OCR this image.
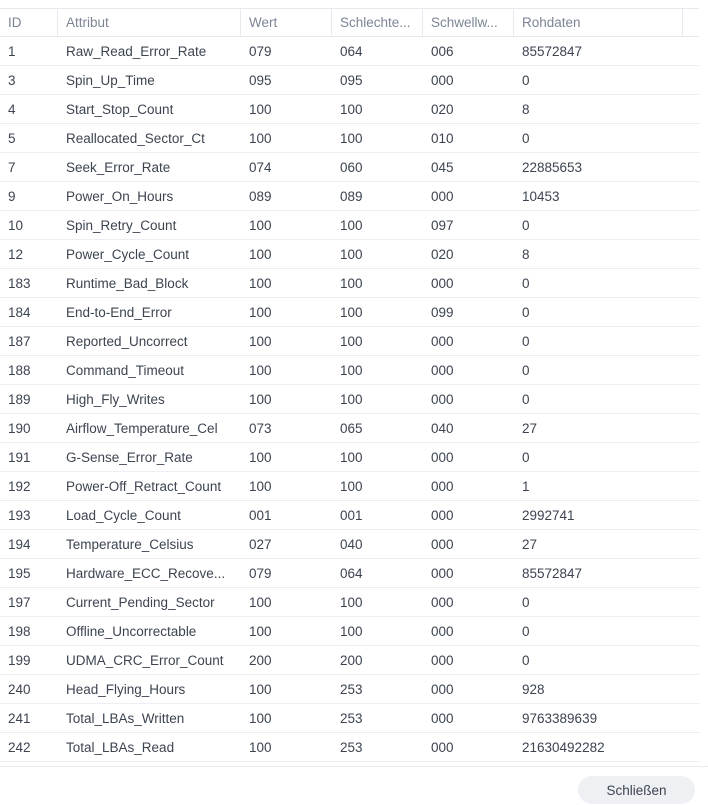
ID	Attribut	Wert	Schlechte...	Schwellw...	Rohdaten
1	Raw_Read_Error_Rate	079	064	006	85572847
3	Spin_Up_Time	095	095	000	0
4	Start_Stop_Count	100	100	020	8
5	Reallocated_Sector_Ct	100	100	010	0
7	Seek_Error_Rate	074	060	045	22885653
9	Power_On_Hours	089	089	000	10453
10	Spin_Retry_Count	100	100	097	0
12	Power_Cycle_Count	100	100	020	8
183	Runtime_Bad_Block	100	100	000	0
184	End-to-End_Error	100	100	099	0
187	Reported_Uncorrect	100	100	000	0
188	Command_Timeout	100	100	000	0
189	High_Fly_Writes	100	100	000	0
190	Airflow_Temperature_Cel	073	065	040	27
191	G-Sense_Error_Rate	100	100	000	0
192	Power-Off_Retract_Count	100	100	000	1
193	Load_Cycle_Count	001	001	000	2992741
194	Temperature_Celsius	027	040	000	27
195	Hardware_ECC_Recove...	079	064	000	85572847
197	Current_Pending_Sector	100	100	000	0
198	Offline_Uncorrectable	100	100	000	0
199	UDMA_CRC_Error_Count	200	200	000	0
240	Head_Flying_Hours	100	253	000	928
241	Total_LBAs_Written	100	253	000	9763389639
242	Total_LBAs_Read	100	253	000	21630492282
Schließen
